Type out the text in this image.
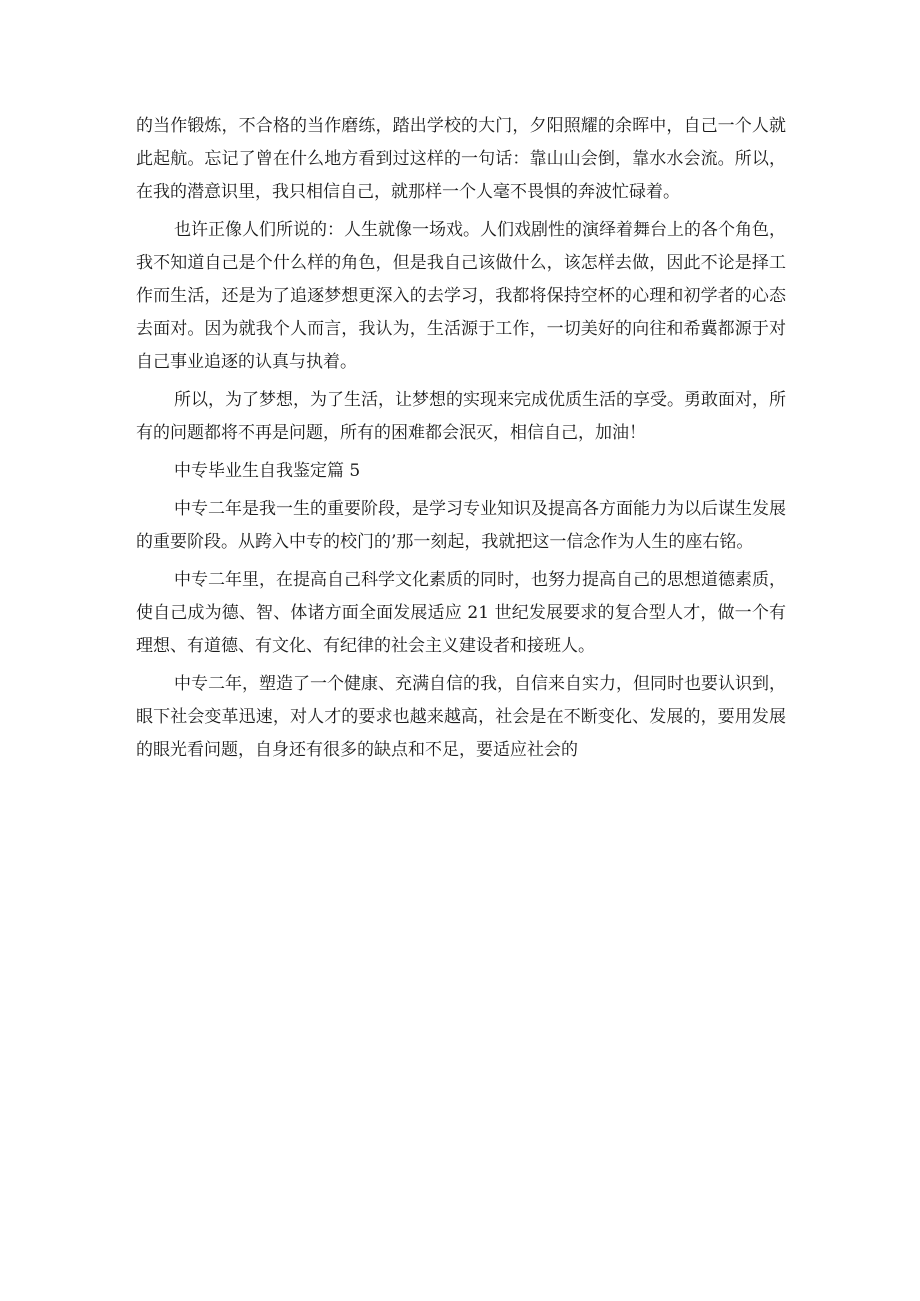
的当作锻炼，不合格的当作磨练，踏出学校的大门，夕阳照耀的余晖中，自己一个人就
此起航。忘记了曾在什么地方看到过这样的一句话：靠山山会倒，靠水水会流。所以，
在我的潜意识里，我只相信自己，就那样一个人毫不畏惧的奔波忙碌着。

也许正像人们所说的：人生就像一场戏。人们戏剧性的演绎着舞台上的各个角色，
我不知道自己是个什么样的角色，但是我自己该做什么，该怎样去做，因此不论是择工
作而生活，还是为了追逐梦想更深入的去学习，我都将保持空杯的心理和初学者的心态
去面对。因为就我个人而言，我认为，生活源于工作，一切美好的向往和希冀都源于对
自己事业追逐的认真与执着。

所以，为了梦想，为了生活，让梦想的实现来完成优质生活的享受。勇敢面对，所
有的问题都将不再是问题，所有的困难都会泯灭，相信自己，加油！

中专毕业生自我鉴定篇 5

中专二年是我一生的重要阶段，是学习专业知识及提高各方面能力为以后谋生发展
的重要阶段。从跨入中专的校门的’那一刻起，我就把这一信念作为人生的座右铭。

中专二年里，在提高自己科学文化素质的同时，也努力提高自己的思想道德素质，
使自己成为德、智、体诸方面全面发展适应 21 世纪发展要求的复合型人才，做一个有
理想、有道德、有文化、有纪律的社会主义建设者和接班人。

中专二年，塑造了一个健康、充满自信的我，自信来自实力，但同时也要认识到，
眼下社会变革迅速，对人才的要求也越来越高，社会是在不断变化、发展的，要用发展
的眼光看问题，自身还有很多的缺点和不足，要适应社会的
